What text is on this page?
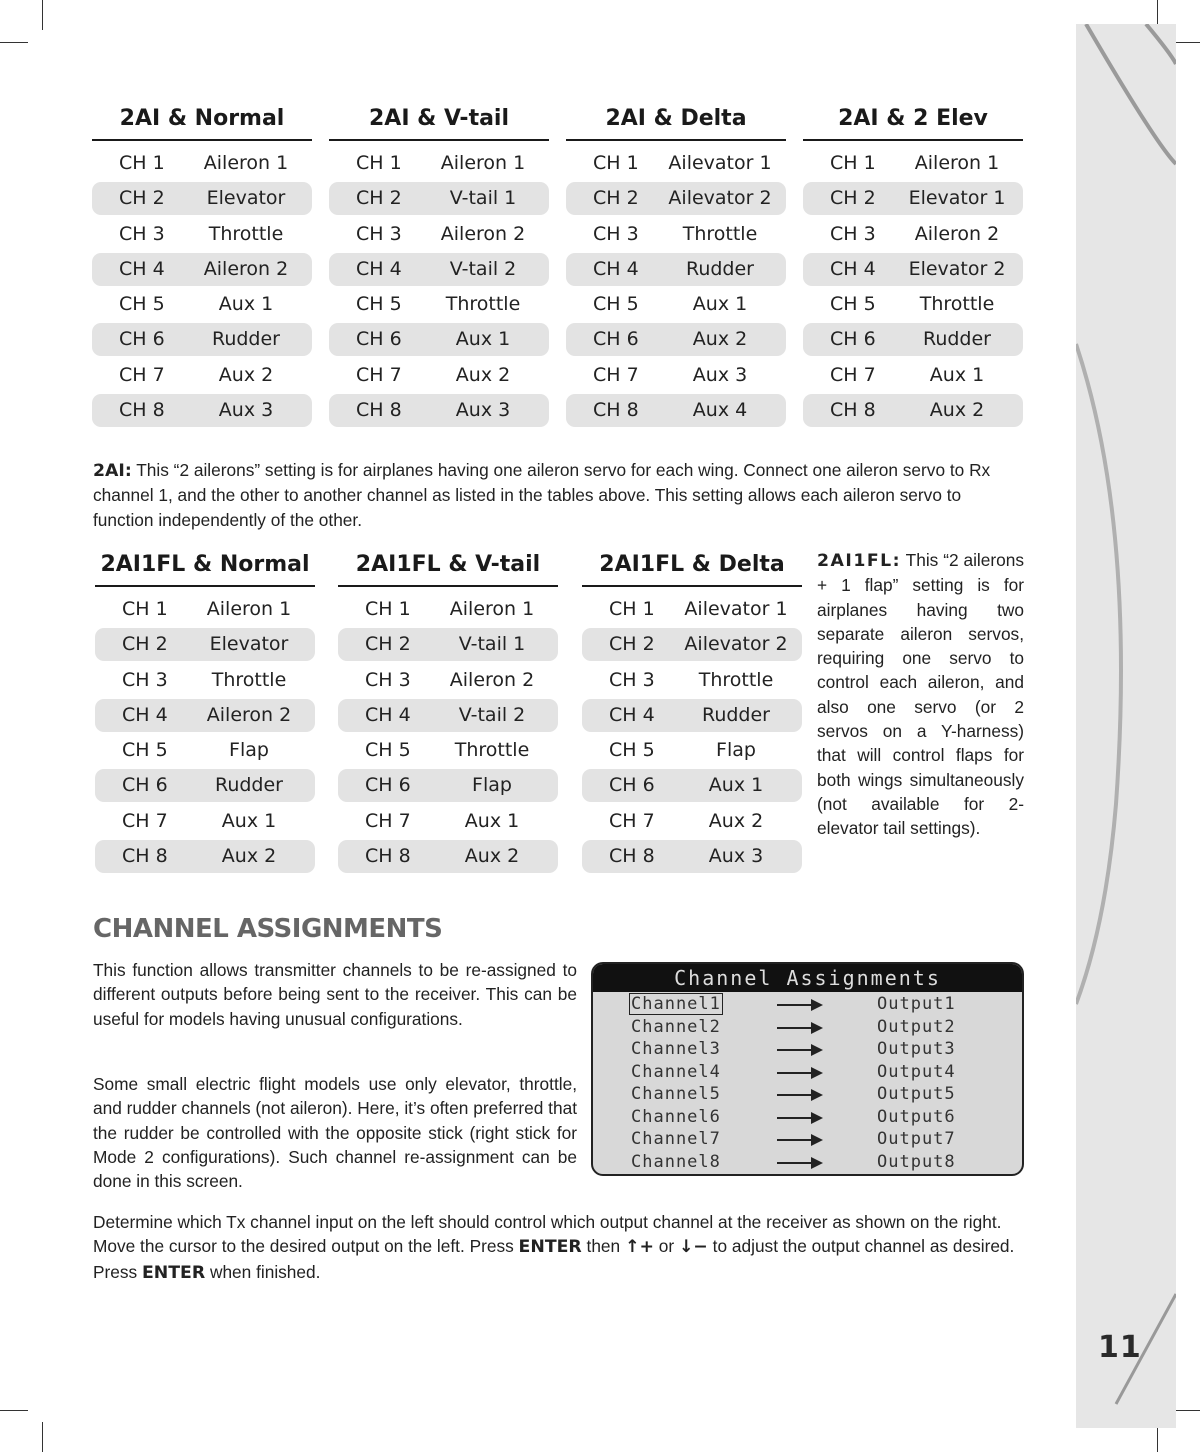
11
2AI & Normal
CH 1	Aileron 1
CH 2	Elevator
CH 3	Throttle
CH 4	Aileron 2
CH 5	Aux 1
CH 6	Rudder
CH 7	Aux 2
CH 8	Aux 3
2AI & V-tail
CH 1	Aileron 1
CH 2	V-tail 1
CH 3	Aileron 2
CH 4	V-tail 2
CH 5	Throttle
CH 6	Aux 1
CH 7	Aux 2
CH 8	Aux 3
2AI & Delta
CH 1	Ailevator 1
CH 2	Ailevator 2
CH 3	Throttle
CH 4	Rudder
CH 5	Aux 1
CH 6	Aux 2
CH 7	Aux 3
CH 8	Aux 4
2AI & 2 Elev
CH 1	Aileron 1
CH 2	Elevator 1
CH 3	Aileron 2
CH 4	Elevator 2
CH 5	Throttle
CH 6	Rudder
CH 7	Aux 1
CH 8	Aux 2
2AI: This “2 ailerons” setting is for airplanes having one aileron servo for each wing. Connect one aileron servo to Rx channel 1, and the other to another channel as listed in the tables above. This setting allows each aileron servo to function independently of the other.
2AI1FL & Normal
CH 1	Aileron 1
CH 2	Elevator
CH 3	Throttle
CH 4	Aileron 2
CH 5	Flap
CH 6	Rudder
CH 7	Aux 1
CH 8	Aux 2
2AI1FL & V-tail
CH 1	Aileron 1
CH 2	V-tail 1
CH 3	Aileron 2
CH 4	V-tail 2
CH 5	Throttle
CH 6	Flap
CH 7	Aux 1
CH 8	Aux 2
2AI1FL & Delta
CH 1	Ailevator 1
CH 2	Ailevator 2
CH 3	Throttle
CH 4	Rudder
CH 5	Flap
CH 6	Aux 1
CH 7	Aux 2
CH 8	Aux 3
2AI1FL: This “2 ailerons + 1 flap” setting is for airplanes having two separate aileron servos, requiring one servo to control each aileron, and also one servo (or 2 servos on a Y-harness) that will control flaps for both wings simultaneously (not available for 2-elevator tail settings).
CHANNEL ASSIGNMENTS
This function allows transmitter channels to be re-assigned to different outputs before being sent to the receiver. This can be useful for models having unusual configurations.
Some small electric flight models use only elevator, throttle, and rudder channels (not aileron). Here, it’s often preferred that the rudder be controlled with the opposite stick (right stick for Mode 2 configurations). Such channel re-assignment can be done in this screen.
Channel Assignments
Channel1	Output1
Channel2	Output2
Channel3	Output3
Channel4	Output4
Channel5	Output5
Channel6	Output6
Channel7	Output7
Channel8	Output8
Determine which Tx channel input on the left should control which output channel at the receiver as shown on the right. Move the cursor to the desired output on the left. Press ENTER then ↑+ or ↓− to adjust the output channel as desired. Press ENTER when finished.
